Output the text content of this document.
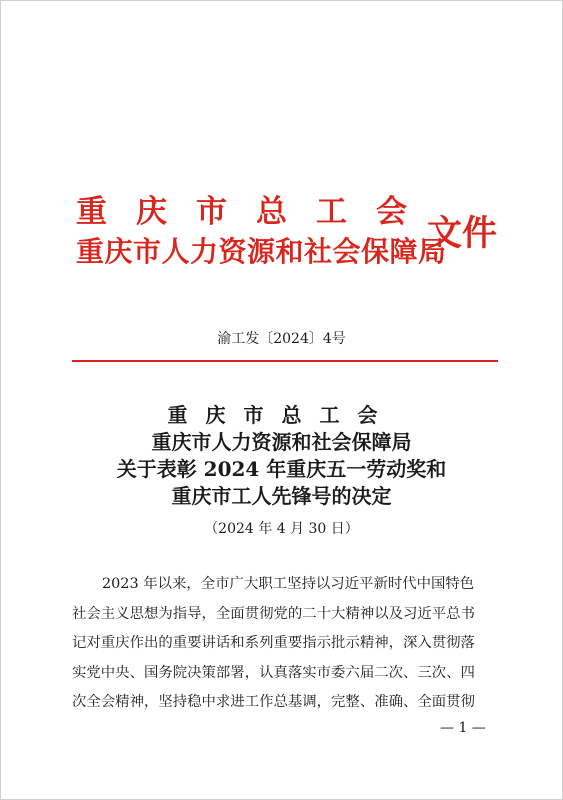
重庆市总工会
重庆市人力资源和社会保障局
文件
渝工发〔2024〕4号
重庆市总工会
重庆市人力资源和社会保障局
关于表彰 2024 年重庆五一劳动奖和
重庆市工人先锋号的决定
（2024 年 4 月 30 日）
2023 年以来，全市广大职工坚持以习近平新时代中国特色
社会主义思想为指导，全面贯彻党的二十大精神以及习近平总书
记对重庆作出的重要讲话和系列重要指示批示精神，深入贯彻落
实党中央、国务院决策部署，认真落实市委六届二次、三次、四
次全会精神，坚持稳中求进工作总基调，完整、准确、全面贯彻
— 1 —
